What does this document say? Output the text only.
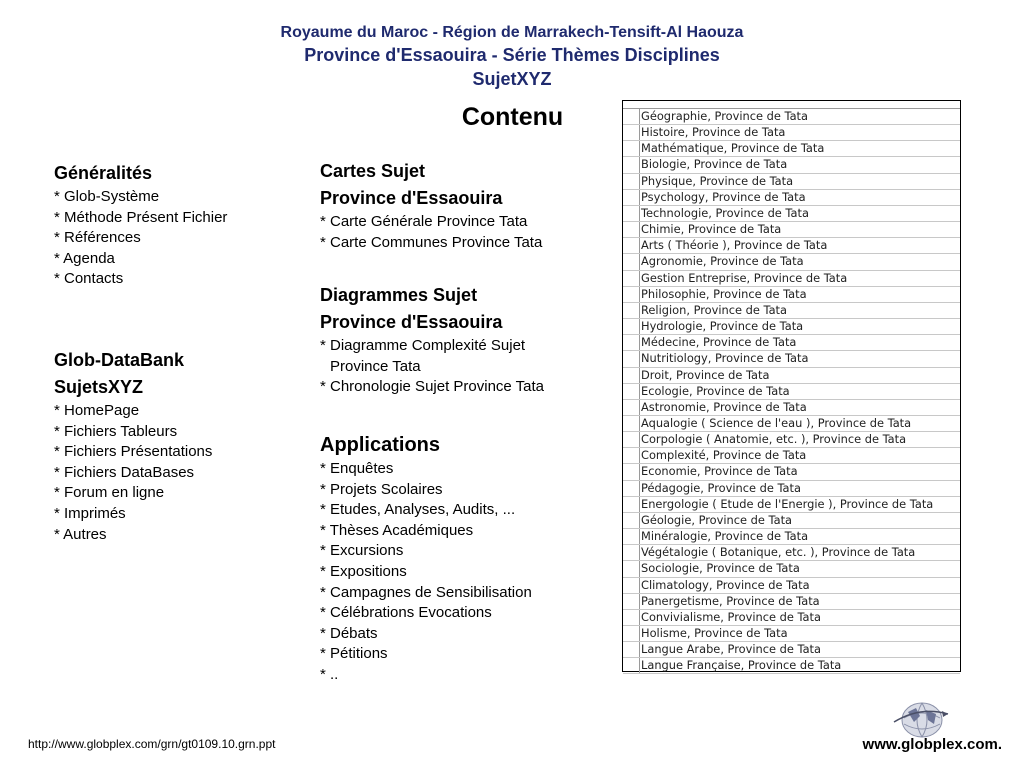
Royaume du Maroc - Région de Marrakech-Tensift-Al Haouza
Province d'Essaouira - Série Thèmes Disciplines
SujetXYZ
Contenu
Généralités
* Glob-Système
* Méthode Présent Fichier
* Références
* Agenda
* Contacts
Glob-DataBank
SujetsXYZ
* HomePage
* Fichiers Tableurs
* Fichiers Présentations
* Fichiers DataBases
* Forum en ligne
* Imprimés
* Autres
Cartes Sujet
Province d'Essaouira
* Carte Générale Province Tata
* Carte Communes Province Tata
Diagrammes Sujet
Province d'Essaouira
* Diagramme Complexité Sujet
Province Tata
* Chronologie Sujet Province Tata
Applications
* Enquêtes
* Projets Scolaires
* Etudes, Analyses, Audits, ...
* Thèses Académiques
* Excursions
* Expositions
* Campagnes de Sensibilisation
* Célébrations Evocations
* Débats
* Pétitions
* ..
Géographie, Province de Tata
Histoire, Province de Tata
Mathématique, Province de Tata
Biologie, Province de Tata
Physique, Province de Tata
Psychology, Province de Tata
Technologie, Province de Tata
Chimie, Province de Tata
Arts ( Théorie ), Province de Tata
Agronomie, Province de Tata
Gestion Entreprise, Province de Tata
Philosophie, Province de Tata
Religion, Province de Tata
Hydrologie, Province de Tata
Médecine, Province de Tata
Nutritiology, Province de Tata
Droit, Province de Tata
Ecologie, Province de Tata
Astronomie, Province de Tata
Aqualogie ( Science de l'eau ), Province de Tata
Corpologie ( Anatomie, etc. ), Province de Tata
Complexité, Province de Tata
Economie, Province de Tata
Pédagogie, Province de Tata
Energologie ( Etude de l'Energie ), Province de Tata
Géologie, Province de Tata
Minéralogie, Province de Tata
Végétalogie ( Botanique, etc. ), Province de Tata
Sociologie, Province de Tata
Climatology, Province de Tata
Panergetisme, Province de Tata
Convivialisme, Province de Tata
Holisme, Province de Tata
Langue Arabe, Province de Tata
Langue Française, Province de Tata
http://www.globplex.com/grn/gt0109.10.grn.ppt	www.globplex.com.
